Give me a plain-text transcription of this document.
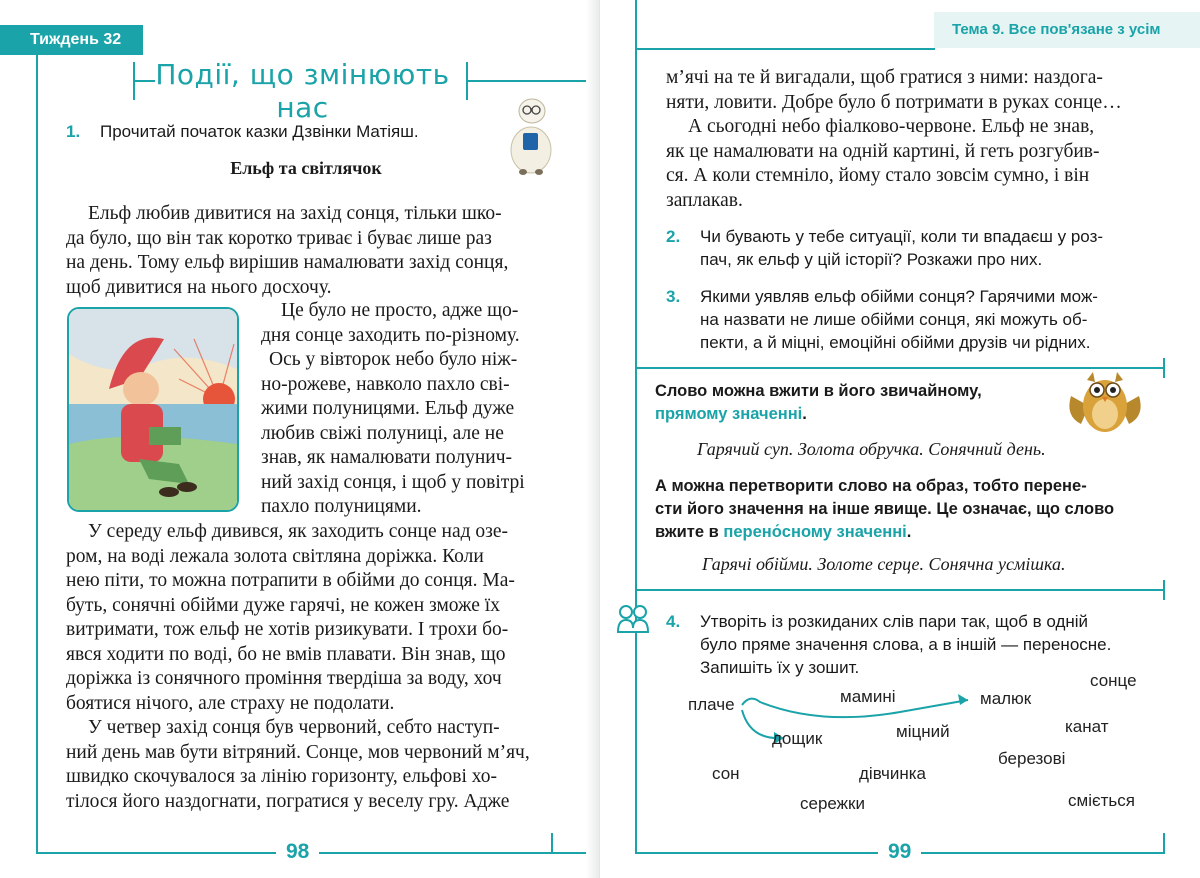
Тиждень 32
Події, що змінюють нас
1.	Прочитай початок казки Дзвінки Матіяш.
Ельф та світлячок

Ельф любив дивитися на захід сонця, тільки шко-

да було, що він так коротко триває і буває лише раз

на день. Тому ельф вирішив намалювати захід сонця,

щоб дивитися на нього досхочу.

Це було не просто, адже що-

дня сонце заходить по-різному.

Ось у вівторок небо було ніж-

но-рожеве, навколо пахло сві-

жими полуницями. Ельф дуже

любив свіжі полуниці, але не

знав, як намалювати полунич-

ний захід сонця, і щоб у повітрі

пахло полуницями.

У середу ельф дивився, як заходить сонце над озе-

ром, на воді лежала золота світляна доріжка. Коли

нею піти, то можна потрапити в обійми до сонця. Ма-

буть, сонячні обійми дуже гарячі, не кожен зможе їх

витримати, тож ельф не хотів ризикувати. І трохи бо-

явся ходити по воді, бо не вмів плавати. Він знав, що

доріжка із сонячного проміння твердіша за воду, хоч

боятися нічого, але страху не подолати.

У четвер захід сонця був червоний, себто наступ-

ний день мав бути вітряний. Сонце, мов червоний м’яч,

швидко скочувалося за лінію горизонту, ельфові хо-

тілося його наздогнати, погратися у веселу гру. Адже

98
Тема 9. Все пов'язане з усім

м’ячі на те й вигадали, щоб гратися з ними: наздога-

няти, ловити. Добре було б потримати в руках сонце…

А сьогодні небо фіалково-червоне. Ельф не знав,

як це намалювати на одній картині, й геть розгубив-

ся. А коли стемніло, йому стало зовсім сумно, і він

заплакав.

2.	Чи бувають у тебе ситуації, коли ти впадаєш у роз-
пач, як ельф у цій історії? Розкажи про них.
3.	Якими уявляв ельф обійми сонця? Гарячими мож-
на назвати не лише обійми сонця, які можуть об-
пекти, а й міцні, емоційні обійми друзів чи рідних.
Слово можна вжити в його звичайному,
прямому значенні.
Гарячий суп. Золота обручка. Сонячний день.
А можна перетворити слово на образ, тобто перене-
сти його значення на інше явище. Це означає, що слово
вжите в перено́сному значенні.
Гарячі обійми. Золоте серце. Сонячна усмішка.
4.	Утворіть із розкиданих слів пари так, щоб в одній
було пряме значення слова, а в іншій — переносне.
Запишіть їх у зошит.
плаче	мамині	малюк
сонце
дощик	міцний	канат
березові
сон	дівчинка
сережки	сміється
99
